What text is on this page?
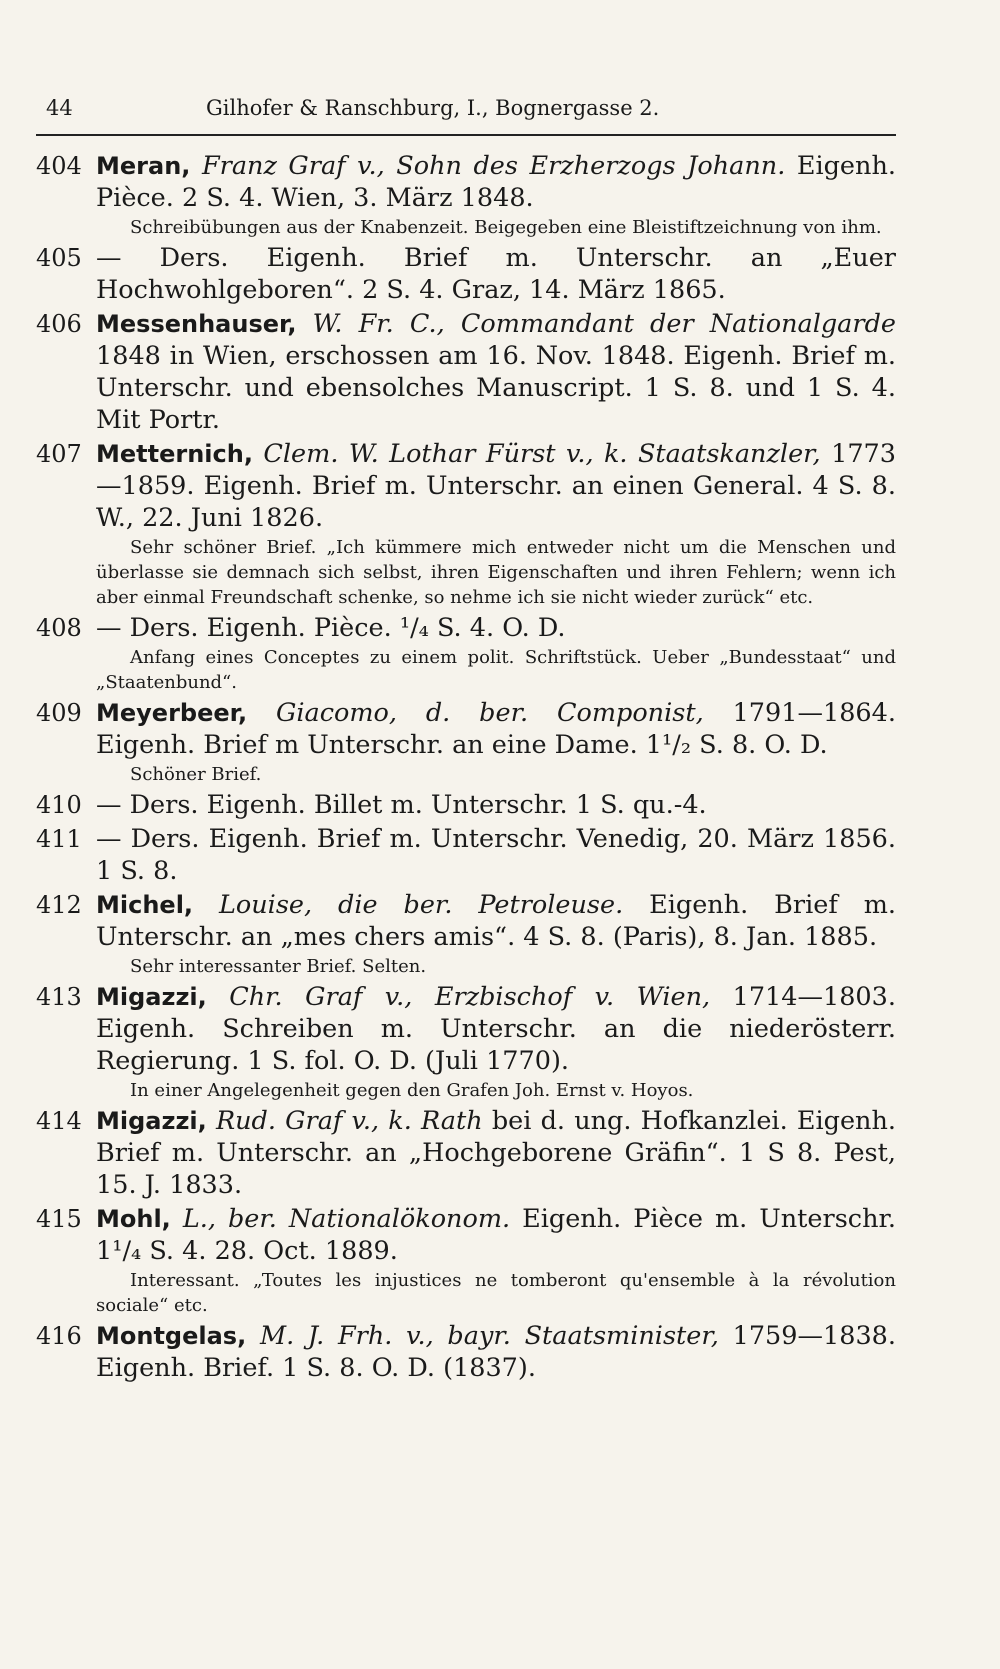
44	Gilhofer & Ranschburg, I., Bognergasse 2.
404 Meran, Franz Graf v., Sohn des Erzherzogs Johann. Eigenh. Pièce. 2 S. 4. Wien, 3. März 1848.
Schreibübungen aus der Knabenzeit. Beigegeben eine Bleistiftzeichnung von ihm.
405 — Ders. Eigenh. Brief m. Unterschr. an „Euer Hochwohlgeboren“. 2 S. 4. Graz, 14. März 1865.
406 Messenhauser, W. Fr. C., Commandant der Nationalgarde 1848 in Wien, erschossen am 16. Nov. 1848. Eigenh. Brief m. Unterschr. und ebensolches Manuscript. 1 S. 8. und 1 S. 4. Mit Portr.
407 Metternich, Clem. W. Lothar Fürst v., k. Staatskanzler, 1773—1859. Eigenh. Brief m. Unterschr. an einen General. 4 S. 8. W., 22. Juni 1826.
Sehr schöner Brief. „Ich kümmere mich entweder nicht um die Menschen und überlasse sie demnach sich selbst, ihren Eigenschaften und ihren Fehlern; wenn ich aber einmal Freundschaft schenke, so nehme ich sie nicht wieder zurück“ etc.
408 — Ders. Eigenh. Pièce. ¹/₄ S. 4. O. D.
Anfang eines Conceptes zu einem polit. Schriftstück. Ueber „Bundesstaat“ und „Staatenbund“.
409 Meyerbeer, Giacomo, d. ber. Componist, 1791—1864. Eigenh. Brief m Unterschr. an eine Dame. 1¹/₂ S. 8. O. D.
Schöner Brief.
410 — Ders. Eigenh. Billet m. Unterschr. 1 S. qu.-4.
411 — Ders. Eigenh. Brief m. Unterschr. Venedig, 20. März 1856. 1 S. 8.
412 Michel, Louise, die ber. Petroleuse. Eigenh. Brief m. Unterschr. an „mes chers amis“. 4 S. 8. (Paris), 8. Jan. 1885.
Sehr interessanter Brief. Selten.
413 Migazzi, Chr. Graf v., Erzbischof v. Wien, 1714—1803. Eigenh. Schreiben m. Unterschr. an die niederösterr. Regierung. 1 S. fol. O. D. (Juli 1770).
In einer Angelegenheit gegen den Grafen Joh. Ernst v. Hoyos.
414 Migazzi, Rud. Graf v., k. Rath bei d. ung. Hofkanzlei. Eigenh. Brief m. Unterschr. an „Hochgeborene Gräfin“. 1 S 8. Pest, 15. J. 1833.
415 Mohl, L., ber. Nationalökonom. Eigenh. Pièce m. Unterschr. 1¹/₄ S. 4. 28. Oct. 1889.
Interessant. „Toutes les injustices ne tomberont qu'ensemble à la révolution sociale“ etc.
416 Montgelas, M. J. Frh. v., bayr. Staatsminister, 1759—1838. Eigenh. Brief. 1 S. 8. O. D. (1837).
